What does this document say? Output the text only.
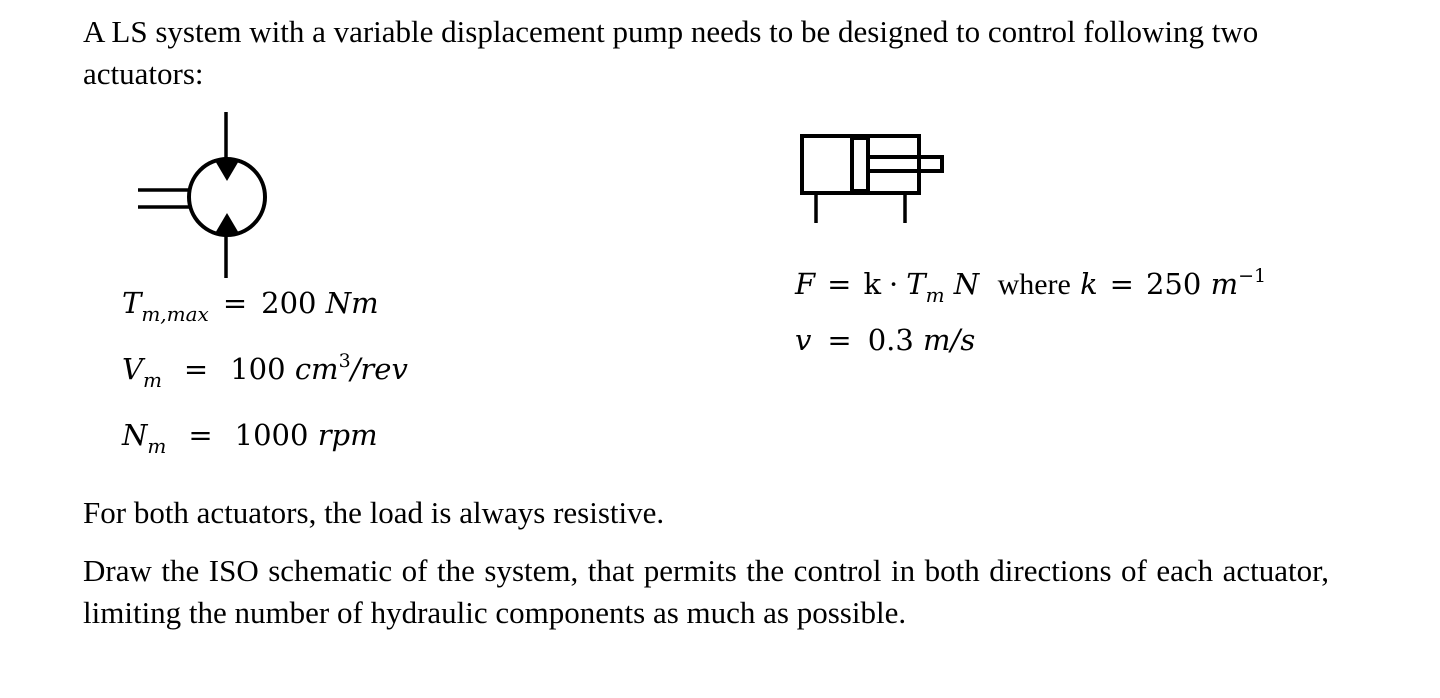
A LS system with a variable displacement pump needs to be designed to control following two actuators:

$T_{m,max} = 200$ Nm
$V_m = 100$ $cm^3$/rev
$N_m = 1000$ rpm
$F = k \cdot T_m$ N where k = 250 $m^{-1}$
v = 0.3 m/s

For both actuators, the load is always resistive.

Draw the ISO schematic of the system, that permits the control in both directions of each actuator, limiting the number of hydraulic components as much as possible.
